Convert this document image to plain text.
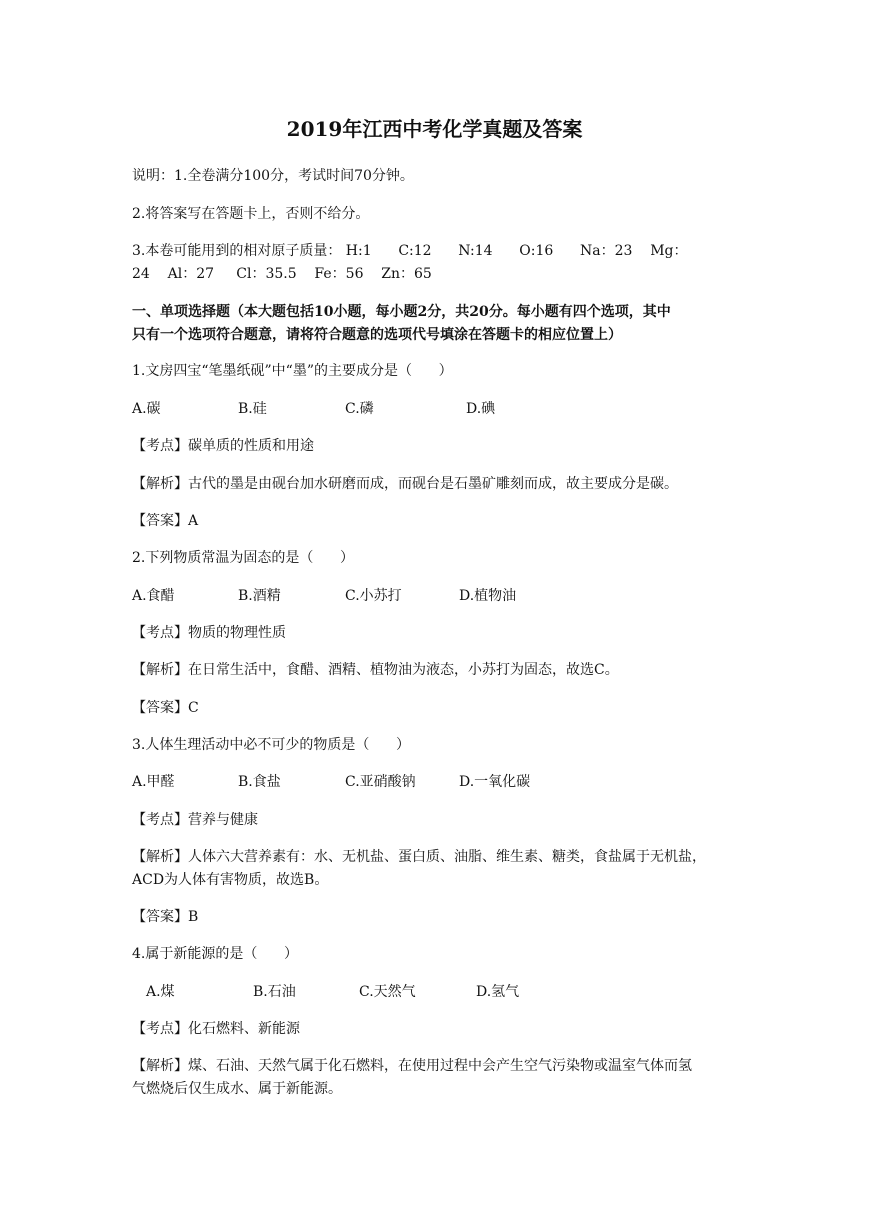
2019年江西中考化学真题及答案
说明：1.全卷满分100分，考试时间70分钟。
2.将答案写在答题卡上，否则不给分。
3.本卷可能用到的相对原子质量： H:1      C:12      N:14      O:16      Na：23    Mg：
24    Al：27     Cl：35.5    Fe：56    Zn：65
一、单项选择题（本大题包括10小题，每小题2分，共20分。每小题有四个选项，其中
只有一个选项符合题意，请将符合题意的选项代号填涂在答题卡的相应位置上）
1.文房四宝“笔墨纸砚”中“墨”的主要成分是（      ）
A.碳	B.硅	C.磷	D.碘
【考点】碳单质的性质和用途
【解析】古代的墨是由砚台加水研磨而成，而砚台是石墨矿雕刻而成，故主要成分是碳。
【答案】A
2.下列物质常温为固态的是（      ）
A.食醋	B.酒精	C.小苏打	D.植物油
【考点】物质的物理性质
【解析】在日常生活中，食醋、酒精、植物油为液态，小苏打为固态，故选C。
【答案】C
3.人体生理活动中必不可少的物质是（      ）
A.甲醛	B.食盐	C.亚硝酸钠	D.一氧化碳
【考点】营养与健康
【解析】人体六大营养素有：水、无机盐、蛋白质、油脂、维生素、糖类，食盐属于无机盐，
ACD为人体有害物质，故选B。
【答案】B
4.属于新能源的是（      ）
A.煤	B.石油	C.天然气	D.氢气
【考点】化石燃料、新能源
【解析】煤、石油、天然气属于化石燃料，在使用过程中会产生空气污染物或温室气体而氢
气燃烧后仅生成水、属于新能源。
